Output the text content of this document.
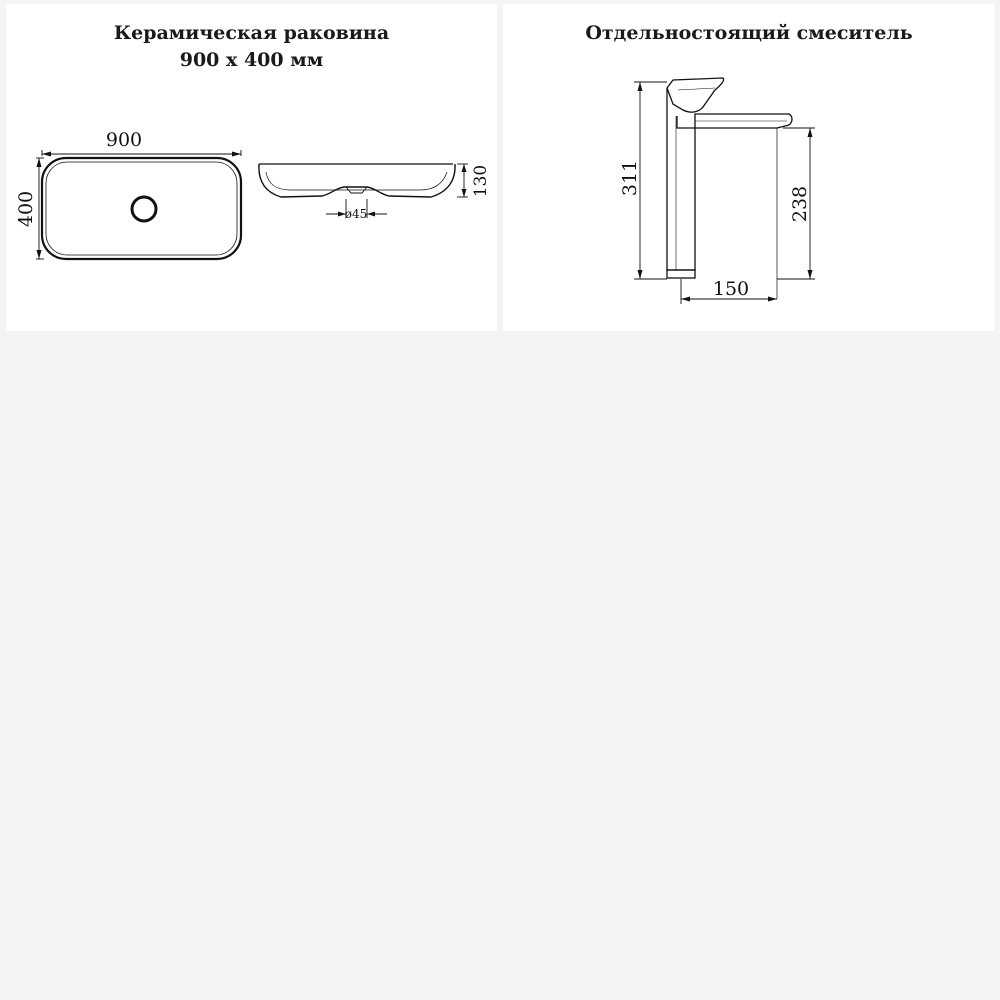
Керамическая раковина

900 х 400 мм

900
400
130
ø45

Отдельностоящий смеситель

311
238
150
